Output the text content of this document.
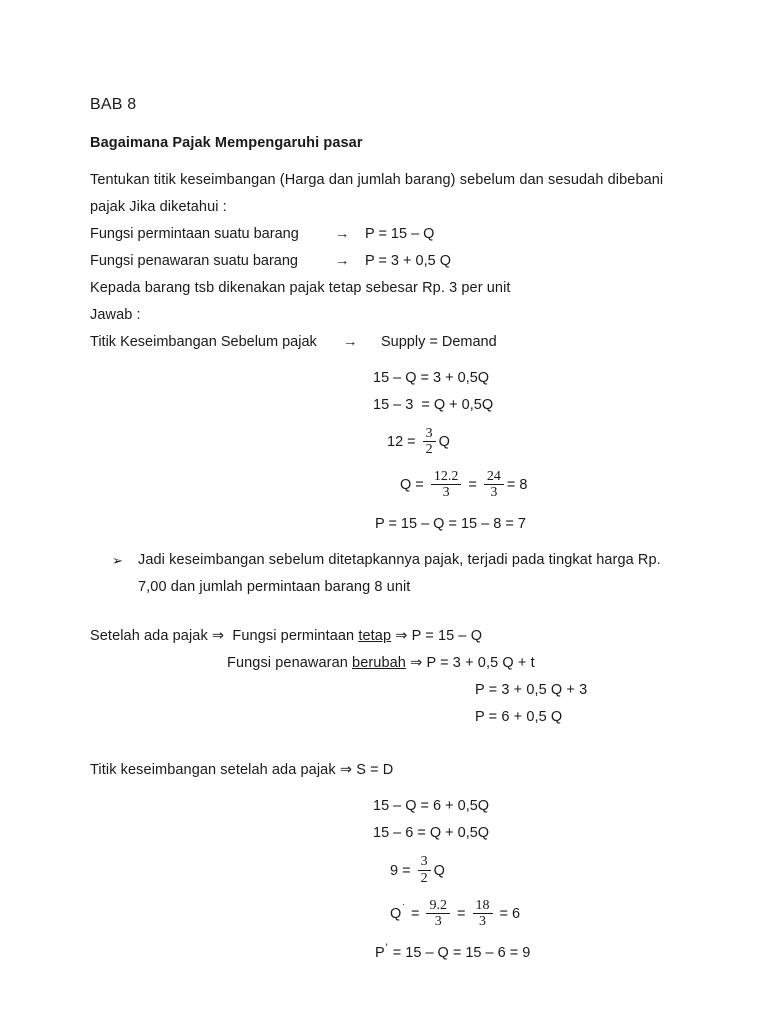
BAB 8
Bagaimana Pajak Mempengaruhi pasar
Tentukan titik keseimbangan (Harga dan jumlah barang) sebelum dan sesudah dibebani
pajak Jika diketahui :
Fungsi permintaan suatu barang	→	P = 15 – Q
Fungsi penawaran suatu barang	→	P = 3 + 0,5 Q
Kepada barang tsb dikenakan pajak tetap sebesar Rp. 3 per unit
Jawab :
Titik Keseimbangan Sebelum pajak	→	Supply = Demand
15 – Q = 3 + 0,5Q
15 – 3  = Q + 0,5Q
$12 = \frac{3}{2}$ Q
$Q = \frac{12.2}{3} = \frac{24}{3} = 8$
P = 15 – Q = 15 – 8 = 7
➢	Jadi keseimbangan sebelum ditetapkannya pajak, terjadi pada tingkat harga Rp. 7,00 dan jumlah permintaan barang 8 unit
Setelah ada pajak ⇒  Fungsi permintaan tetap ⇒ P = 15 – Q
Fungsi penawaran berubah ⇒ P = 3 + 0,5 Q + t
P = 3 + 0,5 Q + 3
P = 6 + 0,5 Q
Titik keseimbangan setelah ada pajak ⇒ S = D
15 – Q = 6 + 0,5Q
15 – 6 = Q + 0,5Q
$9 = \frac{3}{2}$ Q
Q ˙ = $\frac{9.2}{3} = \frac{18}{3} = 6$
P ' = 15 – Q = 15 – 6 = 9
